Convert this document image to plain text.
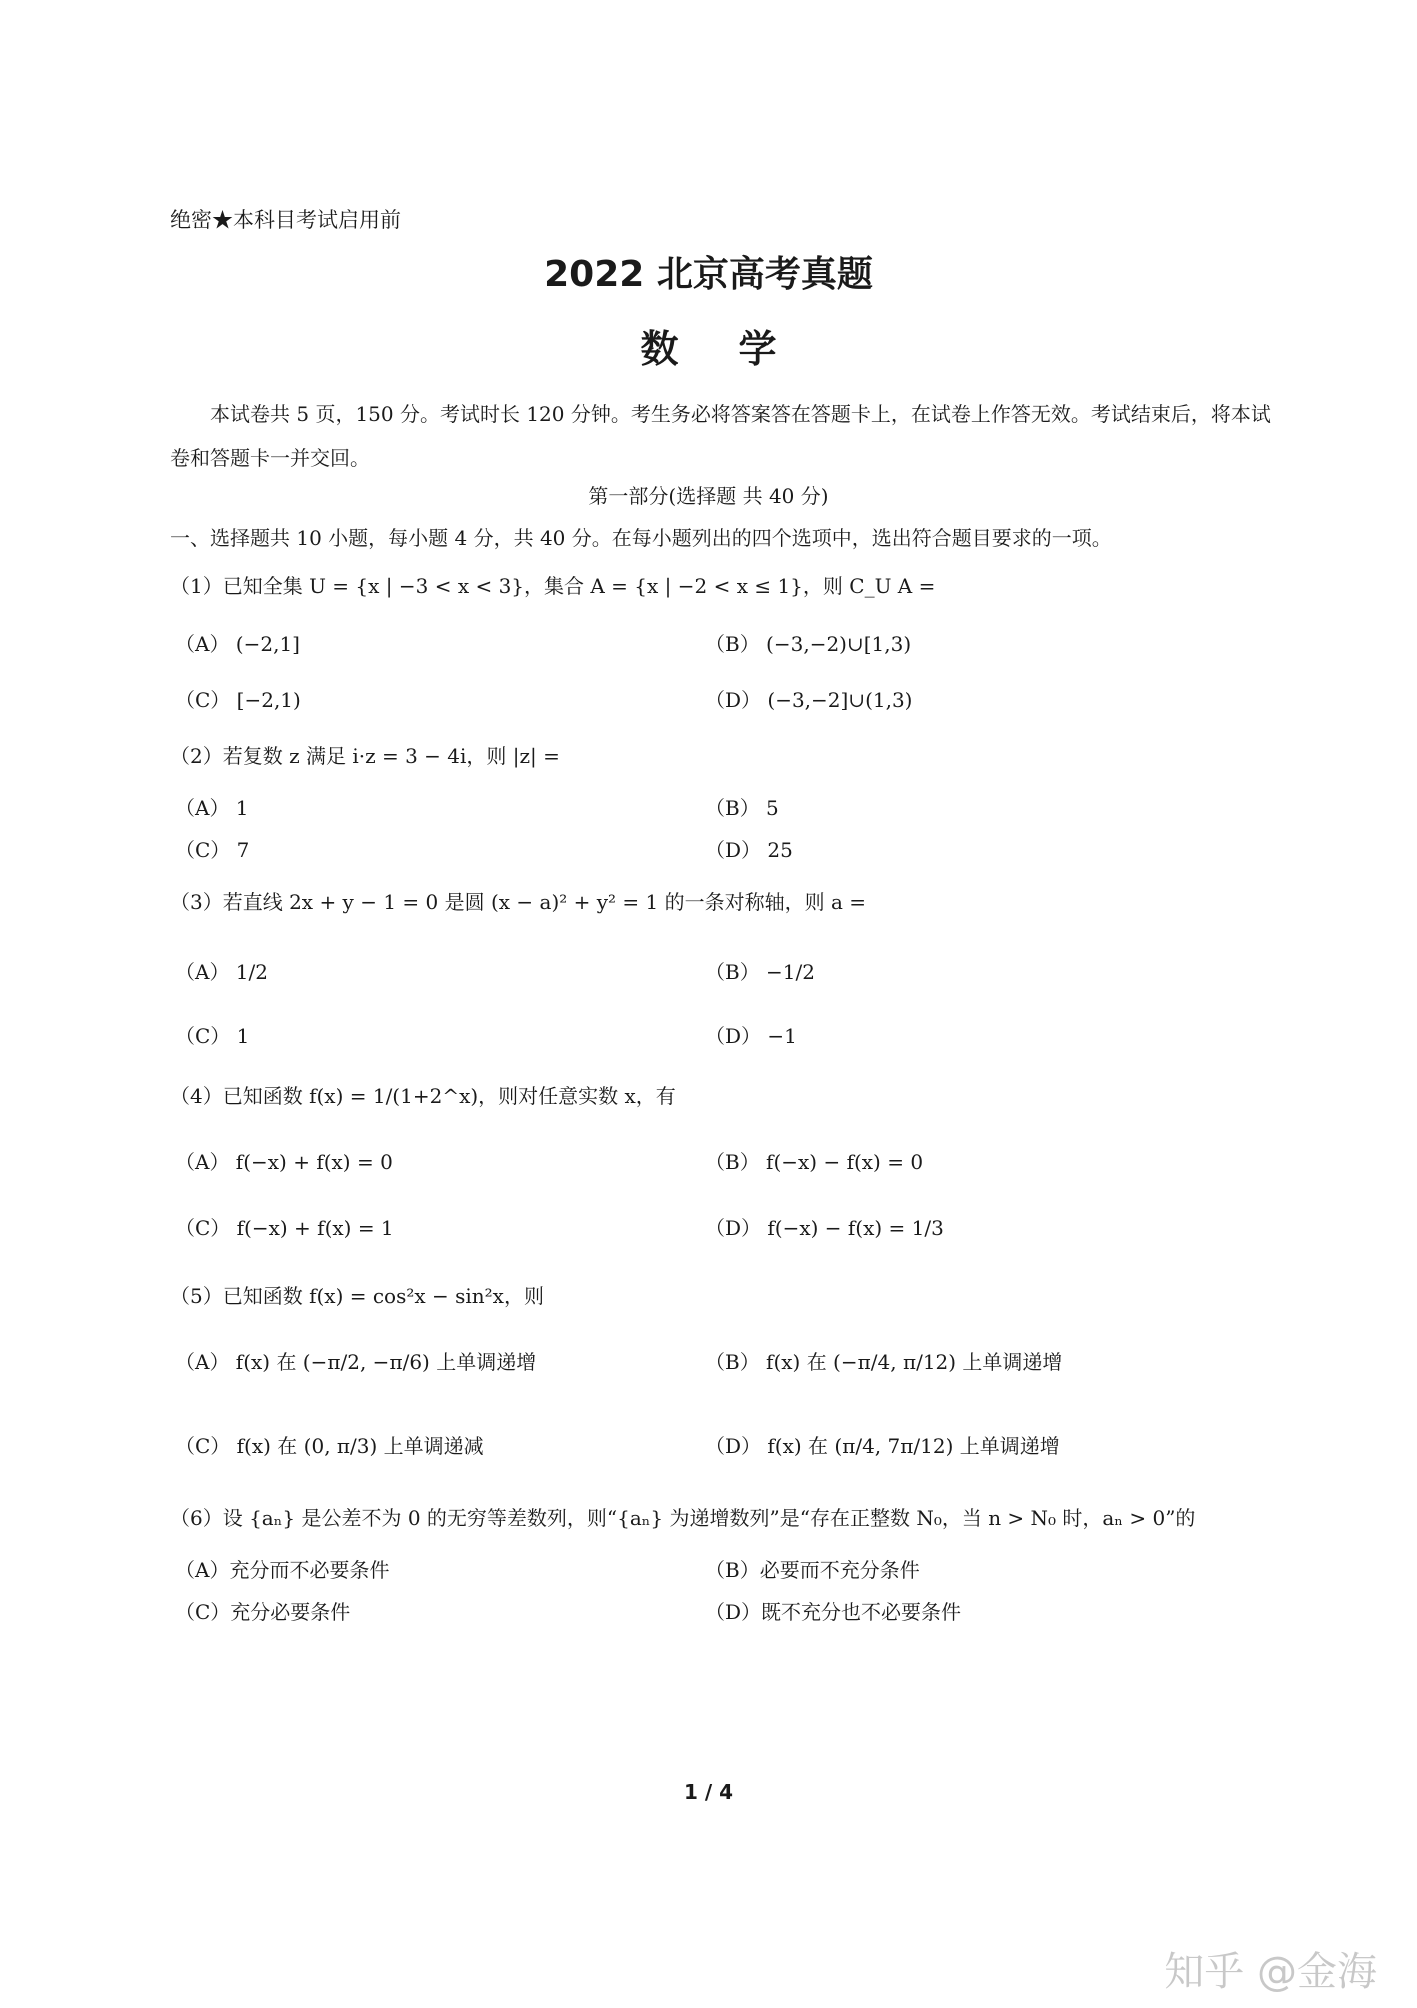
绝密★本科目考试启用前
2022 北京高考真题
数学
本试卷共 5 页，150 分。考试时长 120 分钟。考生务必将答案答在答题卡上，在试卷上作答无效。考试结束后，将本试卷和答题卡一并交回。
第一部分(选择题 共 40 分)
一、选择题共 10 小题，每小题 4 分，共 40 分。在每小题列出的四个选项中，选出符合题目要求的一项。
（1）已知全集 U = {x | −3 < x < 3}，集合 A = {x | −2 < x ≤ 1}，则 C_U A =
（A） (−2,1]	（B） (−3,−2)∪[1,3)
（C） [−2,1)	（D） (−3,−2]∪(1,3)
（2）若复数 z 满足 i·z = 3 − 4i，则 |z| =
（A） 1	（B） 5
（C） 7	（D） 25
（3）若直线 2x + y − 1 = 0 是圆 (x − a)² + y² = 1 的一条对称轴，则 a =
（A） 1/2	（B） −1/2
（C） 1	（D） −1
（4）已知函数 f(x) = 1/(1+2^x)，则对任意实数 x，有
（A） f(−x) + f(x) = 0	（B） f(−x) − f(x) = 0
（C） f(−x) + f(x) = 1	（D） f(−x) − f(x) = 1/3
（5）已知函数 f(x) = cos²x − sin²x，则
（A） f(x) 在 (−π/2, −π/6) 上单调递增	（B） f(x) 在 (−π/4, π/12) 上单调递增
（C） f(x) 在 (0, π/3) 上单调递减	（D） f(x) 在 (π/4, 7π/12) 上单调递增
（6）设 {aₙ} 是公差不为 0 的无穷等差数列，则“{aₙ} 为递增数列”是“存在正整数 N₀，当 n > N₀ 时，aₙ > 0”的
（A）充分而不必要条件	（B）必要而不充分条件
（C）充分必要条件	（D）既不充分也不必要条件
1 / 4
知乎 @金海
